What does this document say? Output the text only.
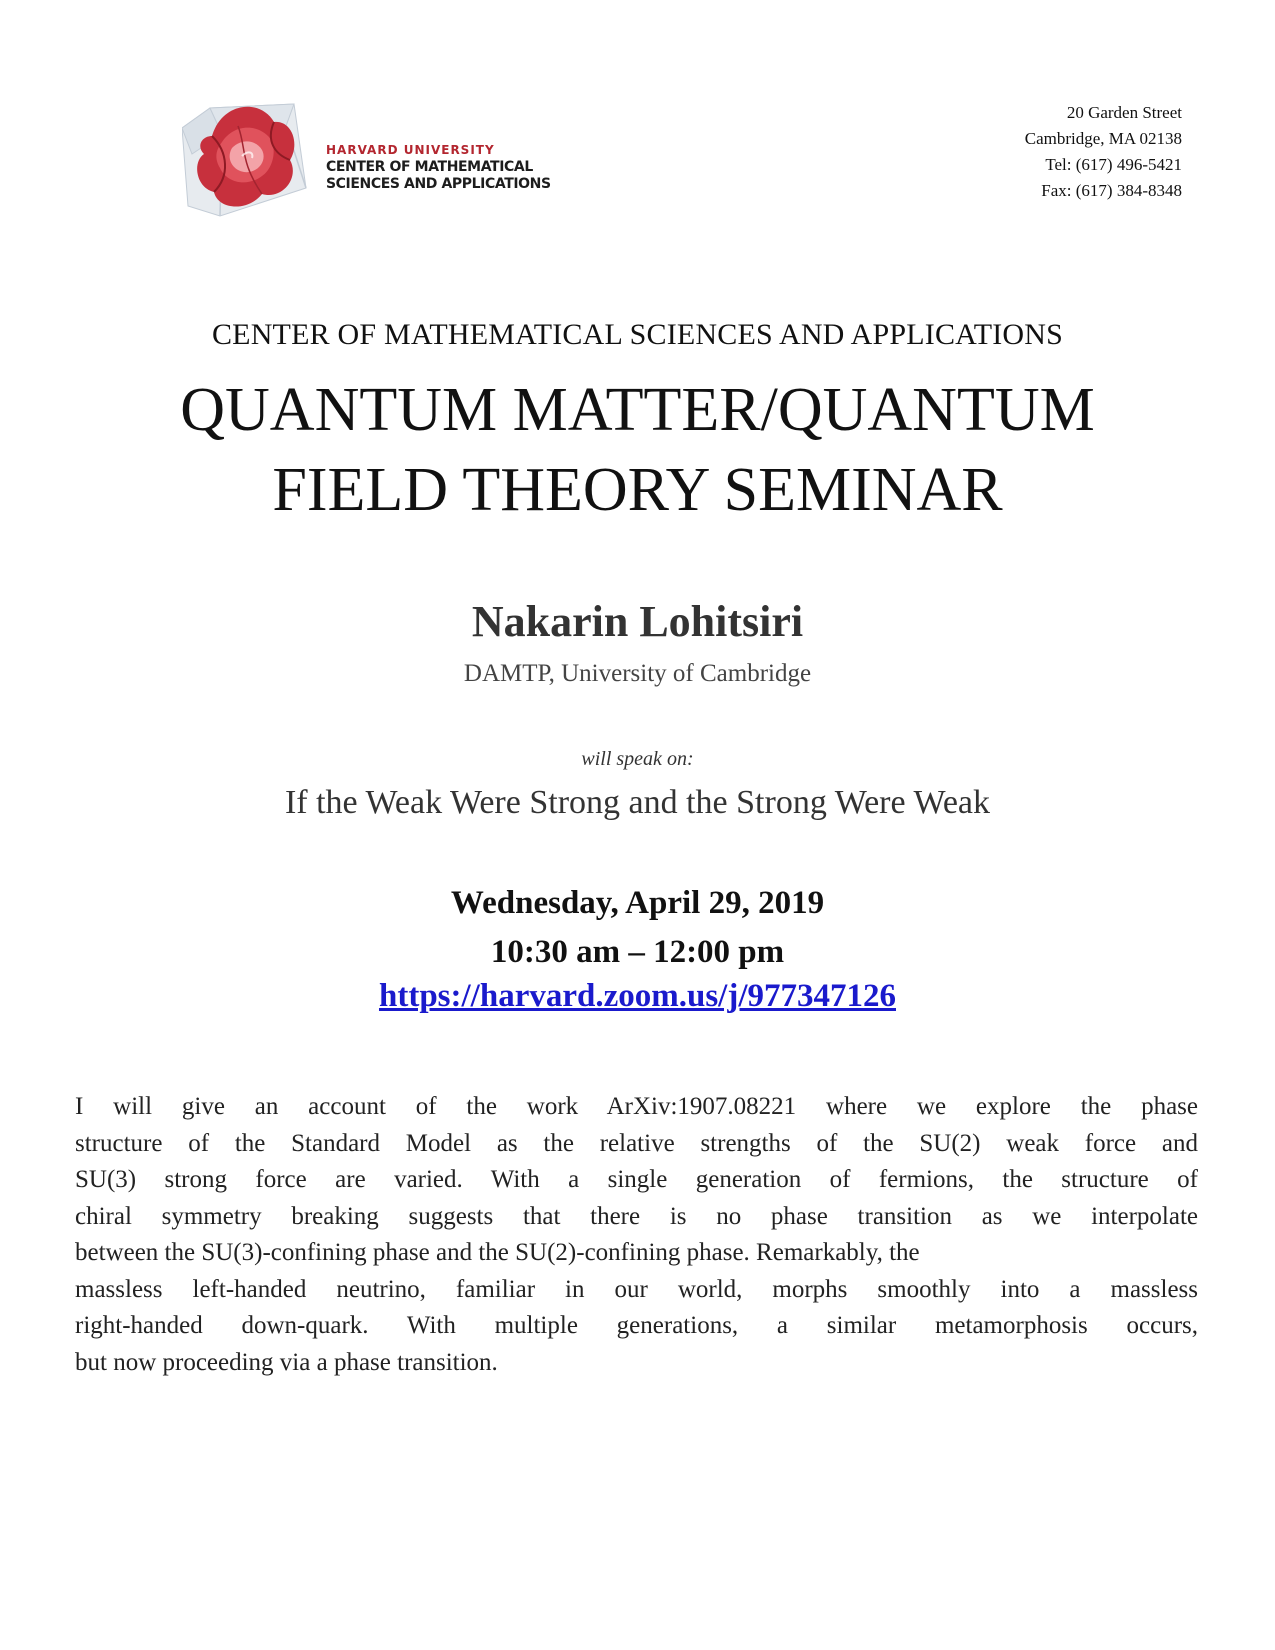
HARVARD UNIVERSITY
CENTER OF MATHEMATICAL
SCIENCES AND APPLICATIONS
20 Garden Street
Cambridge, MA 02138
Tel: (617) 496-5421
Fax: (617) 384-8348
CENTER OF MATHEMATICAL SCIENCES AND APPLICATIONS
QUANTUM MATTER/QUANTUM
FIELD THEORY SEMINAR
Nakarin Lohitsiri
DAMTP, University of Cambridge
will speak on:
If the Weak Were Strong and the Strong Were Weak
Wednesday, April 29, 2019
10:30 am – 12:00 pm
https://harvard.zoom.us/j/977347126
I will give an account of the work ArXiv:1907.08221 where we explore the phase
structure of the Standard Model as the relative strengths of the SU(2) weak force and
SU(3) strong force are varied. With a single generation of fermions, the structure of
chiral symmetry breaking suggests that there is no phase transition as we interpolate
between the SU(3)-confining phase and the SU(2)-confining phase. Remarkably, the
massless left-handed neutrino, familiar in our world, morphs smoothly into a massless
right-handed down-quark. With multiple generations, a similar metamorphosis occurs,
but now proceeding via a phase transition.
